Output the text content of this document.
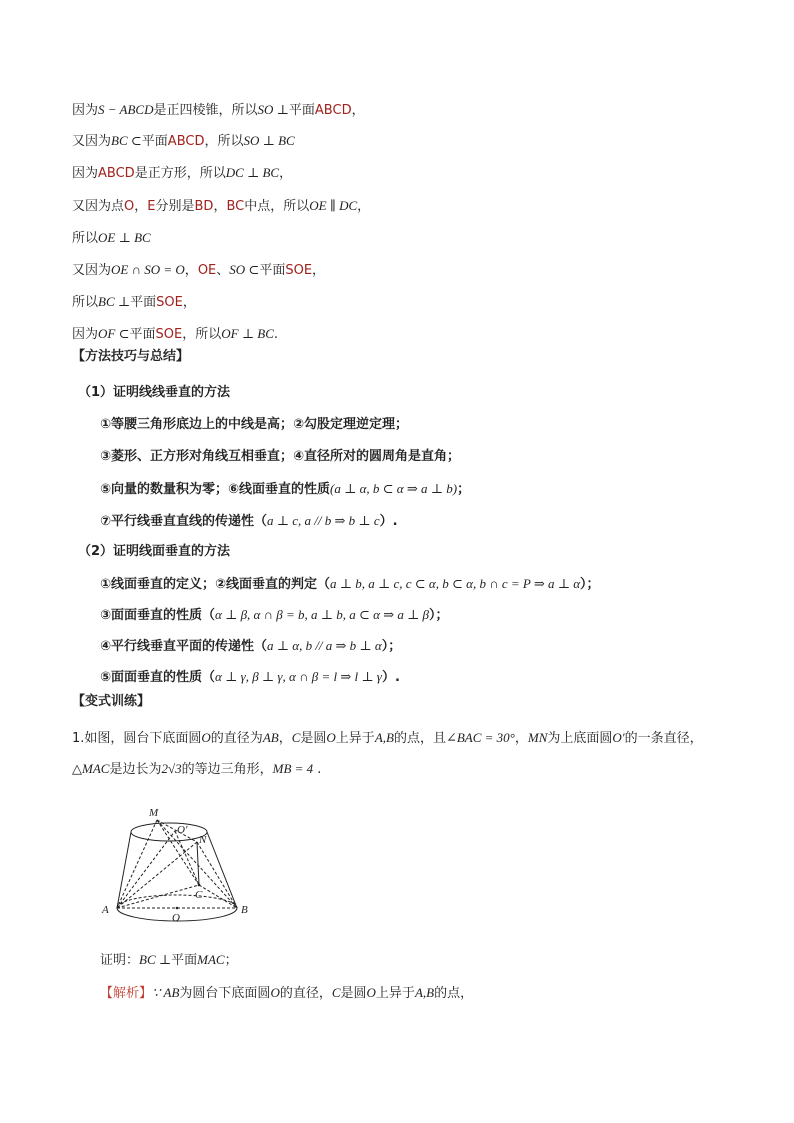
因为S − ABCD是正四棱锥，所以SO ⊥平面ABCD，
又因为BC ⊂平面ABCD，所以SO ⊥ BC
因为ABCD是正方形，所以DC ⊥ BC，
又因为点O，E分别是BD，BC中点，所以OE ∥ DC，
所以OE ⊥ BC
又因为OE ∩ SO = O，OE、SO ⊂平面SOE，
所以BC ⊥平面SOE，
因为OF ⊂平面SOE，所以OF ⊥ BC.
【方法技巧与总结】
（1）证明线线垂直的方法
①等腰三角形底边上的中线是高；②勾股定理逆定理；
③菱形、正方形对角线互相垂直；④直径所对的圆周角是直角；
⑤向量的数量积为零；⑥线面垂直的性质(a ⊥ α, b ⊂ α ⇒ a ⊥ b)；
⑦平行线垂直直线的传递性（a ⊥ c, a // b ⇒ b ⊥ c）.
（2）证明线面垂直的方法
①线面垂直的定义；②线面垂直的判定（a ⊥ b, a ⊥ c, c ⊂ α, b ⊂ α, b ∩ c = P ⇒ a ⊥ α）；
③面面垂直的性质（α ⊥ β, α ∩ β = b, a ⊥ b, a ⊂ α ⇒ a ⊥ β）；
④平行线垂直平面的传递性（a ⊥ α, b // a ⇒ b ⊥ α）；
⑤面面垂直的性质（α ⊥ γ, β ⊥ γ, α ∩ β = l ⇒ l ⊥ γ）.
【变式训练】
1.如图，圆台下底面圆O的直径为AB，C是圆O上异于A,B的点，且∠BAC = 30°，MN为上底面圆O′的一条直径，△MAC是边长为2√3的等边三角形，MB = 4 .
M
O'
N
C
A
O
B
证明：BC ⊥平面MAC；
【解析】∵ AB为圆台下底面圆O的直径，C是圆O上异于A,B的点，
